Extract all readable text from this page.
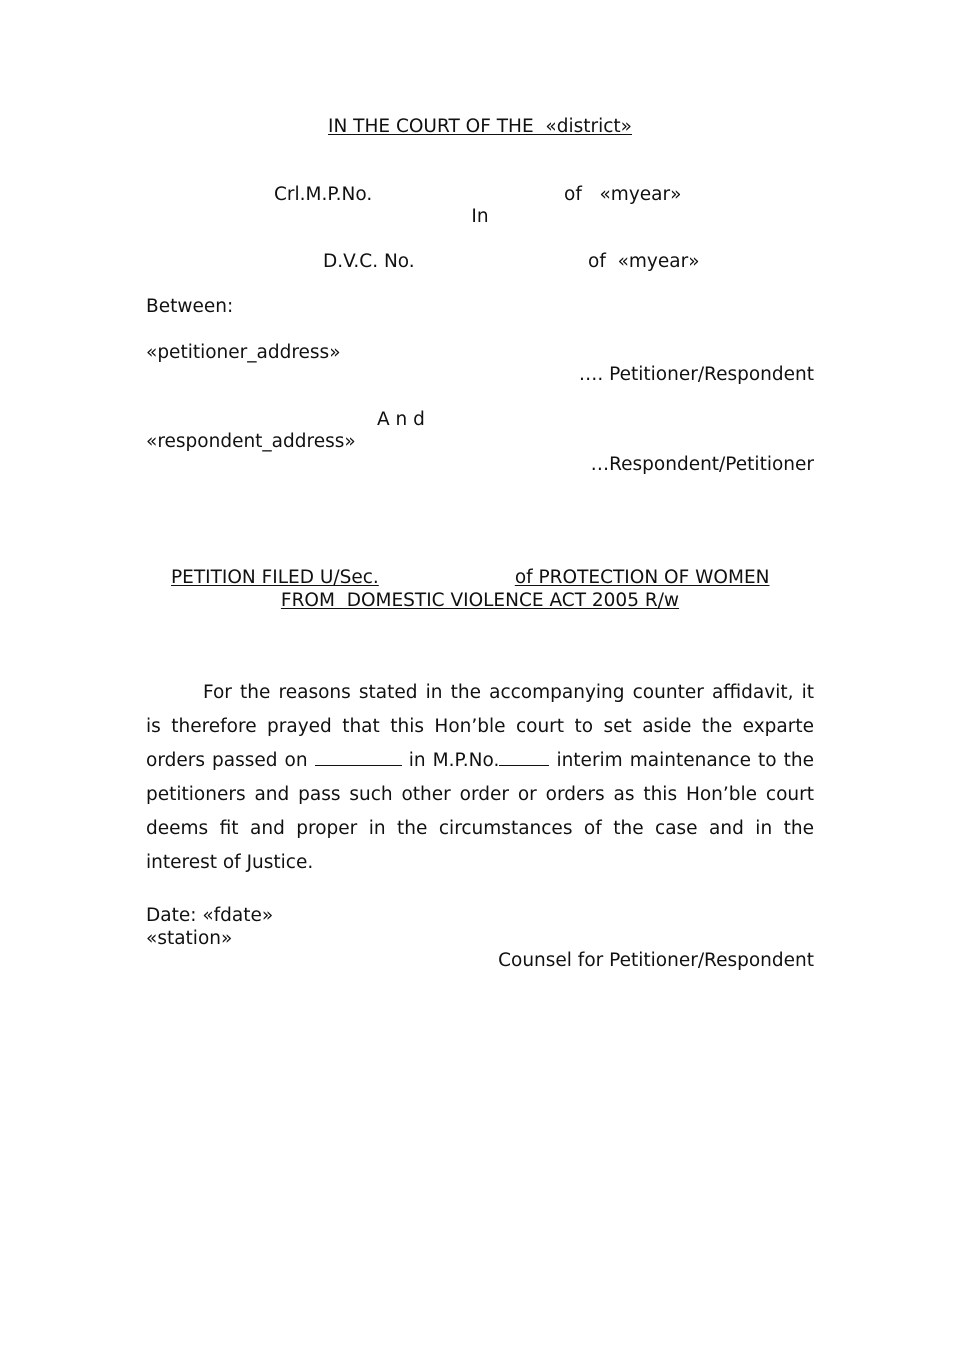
IN THE COURT OF THE  «district»
Crl.M.P.No.	of   «myear»
In
D.V.C. No.	of  «myear»
Between:
«petitioner_address»
…. Petitioner/Respondent
A n d
«respondent_address»
…Respondent/Petitioner
PETITION FILED U/Sec.	of PROTECTION OF WOMEN
FROM  DOMESTIC VIOLENCE ACT 2005 R/w
For the reasons stated in the accompanying counter affidavit, it is therefore prayed that this Hon’ble court to set aside the exparte orders passed on	in M.P.No.	interim maintenance to the petitioners and pass such other order or orders as this Hon’ble court deems fit and proper in the circumstances of the case and in the interest of Justice.
Date: «fdate»
«station»
Counsel for Petitioner/Respondent
